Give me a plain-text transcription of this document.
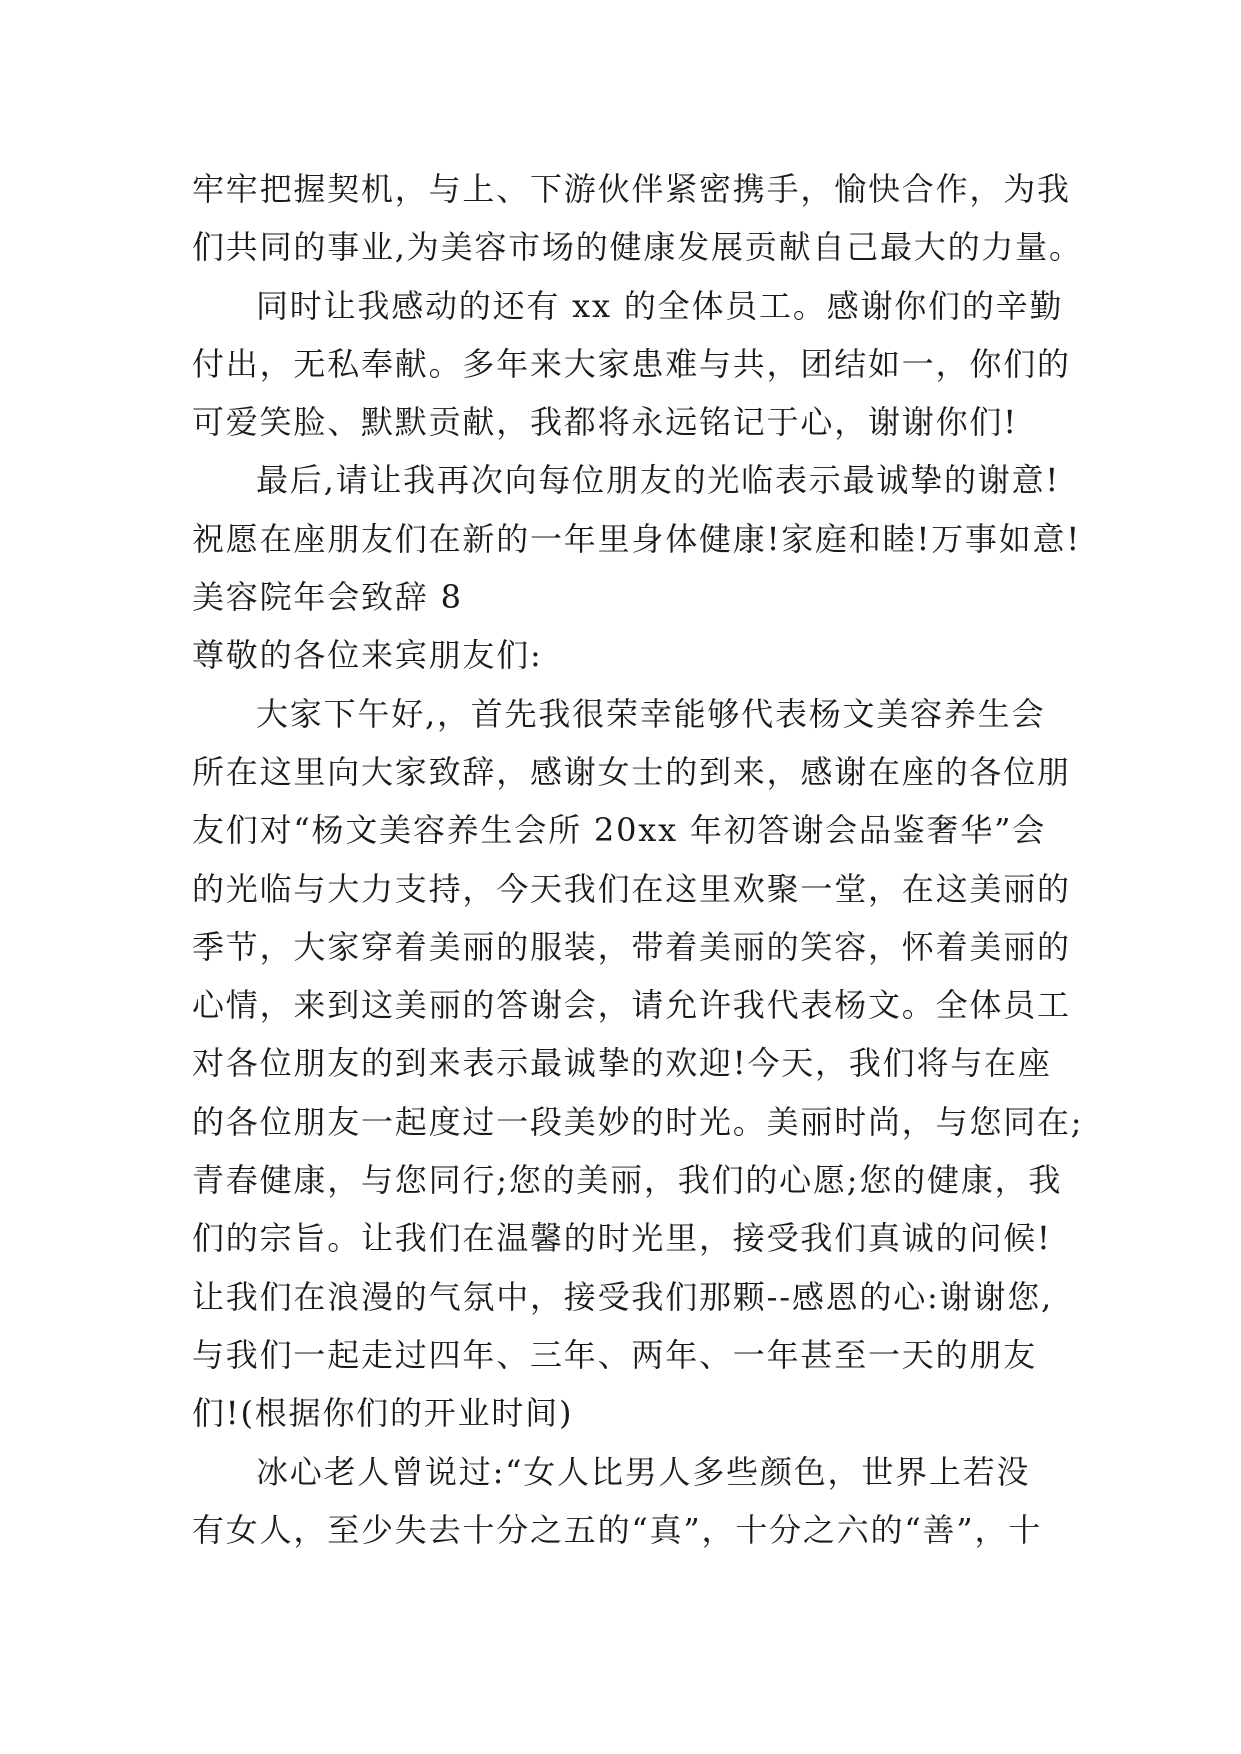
牢牢把握契机，与上、下游伙伴紧密携手，愉快合作，为我
们共同的事业,为美容市场的健康发展贡献自己最大的力量。
同时让我感动的还有 xx 的全体员工。感谢你们的辛勤
付出，无私奉献。多年来大家患难与共，团结如一，你们的
可爱笑脸、默默贡献，我都将永远铭记于心，谢谢你们!
最后,请让我再次向每位朋友的光临表示最诚挚的谢意!
祝愿在座朋友们在新的一年里身体健康!家庭和睦!万事如意!
美容院年会致辞 8
尊敬的各位来宾朋友们:
大家下午好,，首先我很荣幸能够代表杨文美容养生会
所在这里向大家致辞，感谢女士的到来，感谢在座的各位朋
友们对“杨文美容养生会所 20xx 年初答谢会品鉴奢华”会
的光临与大力支持，今天我们在这里欢聚一堂，在这美丽的
季节，大家穿着美丽的服装，带着美丽的笑容，怀着美丽的
心情，来到这美丽的答谢会，请允许我代表杨文。全体员工
对各位朋友的到来表示最诚挚的欢迎!今天，我们将与在座
的各位朋友一起度过一段美妙的时光。美丽时尚，与您同在;
青春健康，与您同行;您的美丽，我们的心愿;您的健康，我
们的宗旨。让我们在温馨的时光里，接受我们真诚的问候!
让我们在浪漫的气氛中，接受我们那颗--感恩的心:谢谢您,
与我们一起走过四年、三年、两年、一年甚至一天的朋友
们!(根据你们的开业时间)
冰心老人曾说过:“女人比男人多些颜色，世界上若没
有女人，至少失去十分之五的“真”，十分之六的“善”，十
